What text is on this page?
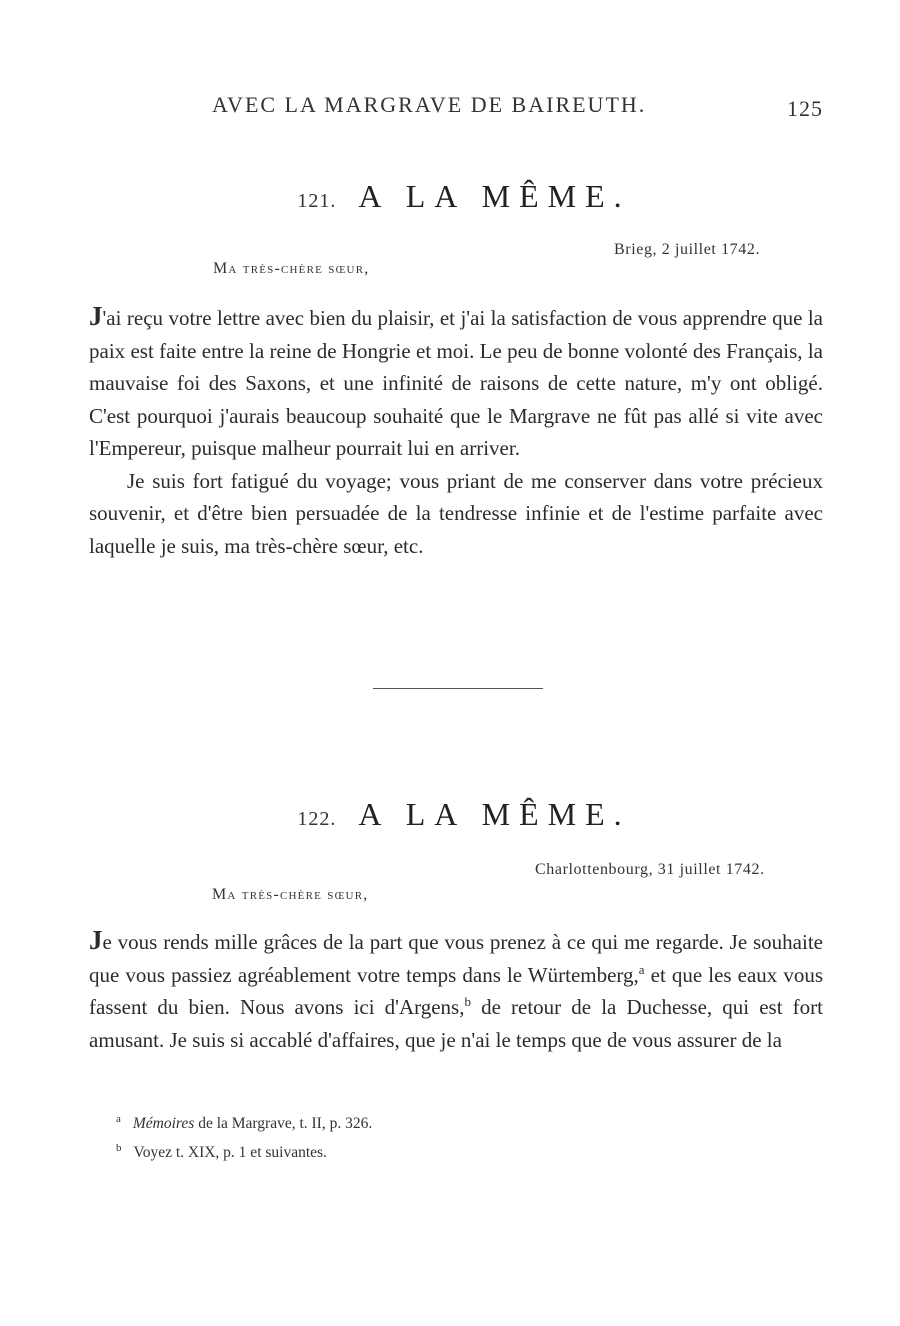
AVEC LA MARGRAVE DE BAIREUTH.	125
121. A LA MÊME.
Brieg, 2 juillet 1742.
Ma très-chère sœur,

J'ai reçu votre lettre avec bien du plaisir, et j'ai la satisfaction de vous apprendre que la paix est faite entre la reine de Hongrie et moi. Le peu de bonne volonté des Français, la mauvaise foi des Saxons, et une infinité de raisons de cette nature, m'y ont obligé. C'est pourquoi j'aurais beaucoup souhaité que le Margrave ne fût pas allé si vite avec l'Empereur, puisque malheur pourrait lui en arriver.

Je suis fort fatigué du voyage; vous priant de me conserver dans votre précieux souvenir, et d'être bien persuadée de la tendresse infinie et de l'estime parfaite avec laquelle je suis, ma très-chère sœur, etc.

122. A LA MÊME.
Charlottenbourg, 31 juillet 1742.
Ma très-chère sœur,

Je vous rends mille grâces de la part que vous prenez à ce qui me regarde. Je souhaite que vous passiez agréablement votre temps dans le Würtemberg,$^a$ et que les eaux vous fassent du bien. Nous avons ici d'Argens,$^b$ de retour de la Duchesse, qui est fort amusant. Je suis si accablé d'affaires, que je n'ai le temps que de vous assurer de la

$^a$ Mémoires de la Margrave, t. II, p. 326.

$^b$ Voyez t. XIX, p. 1 et suivantes.
